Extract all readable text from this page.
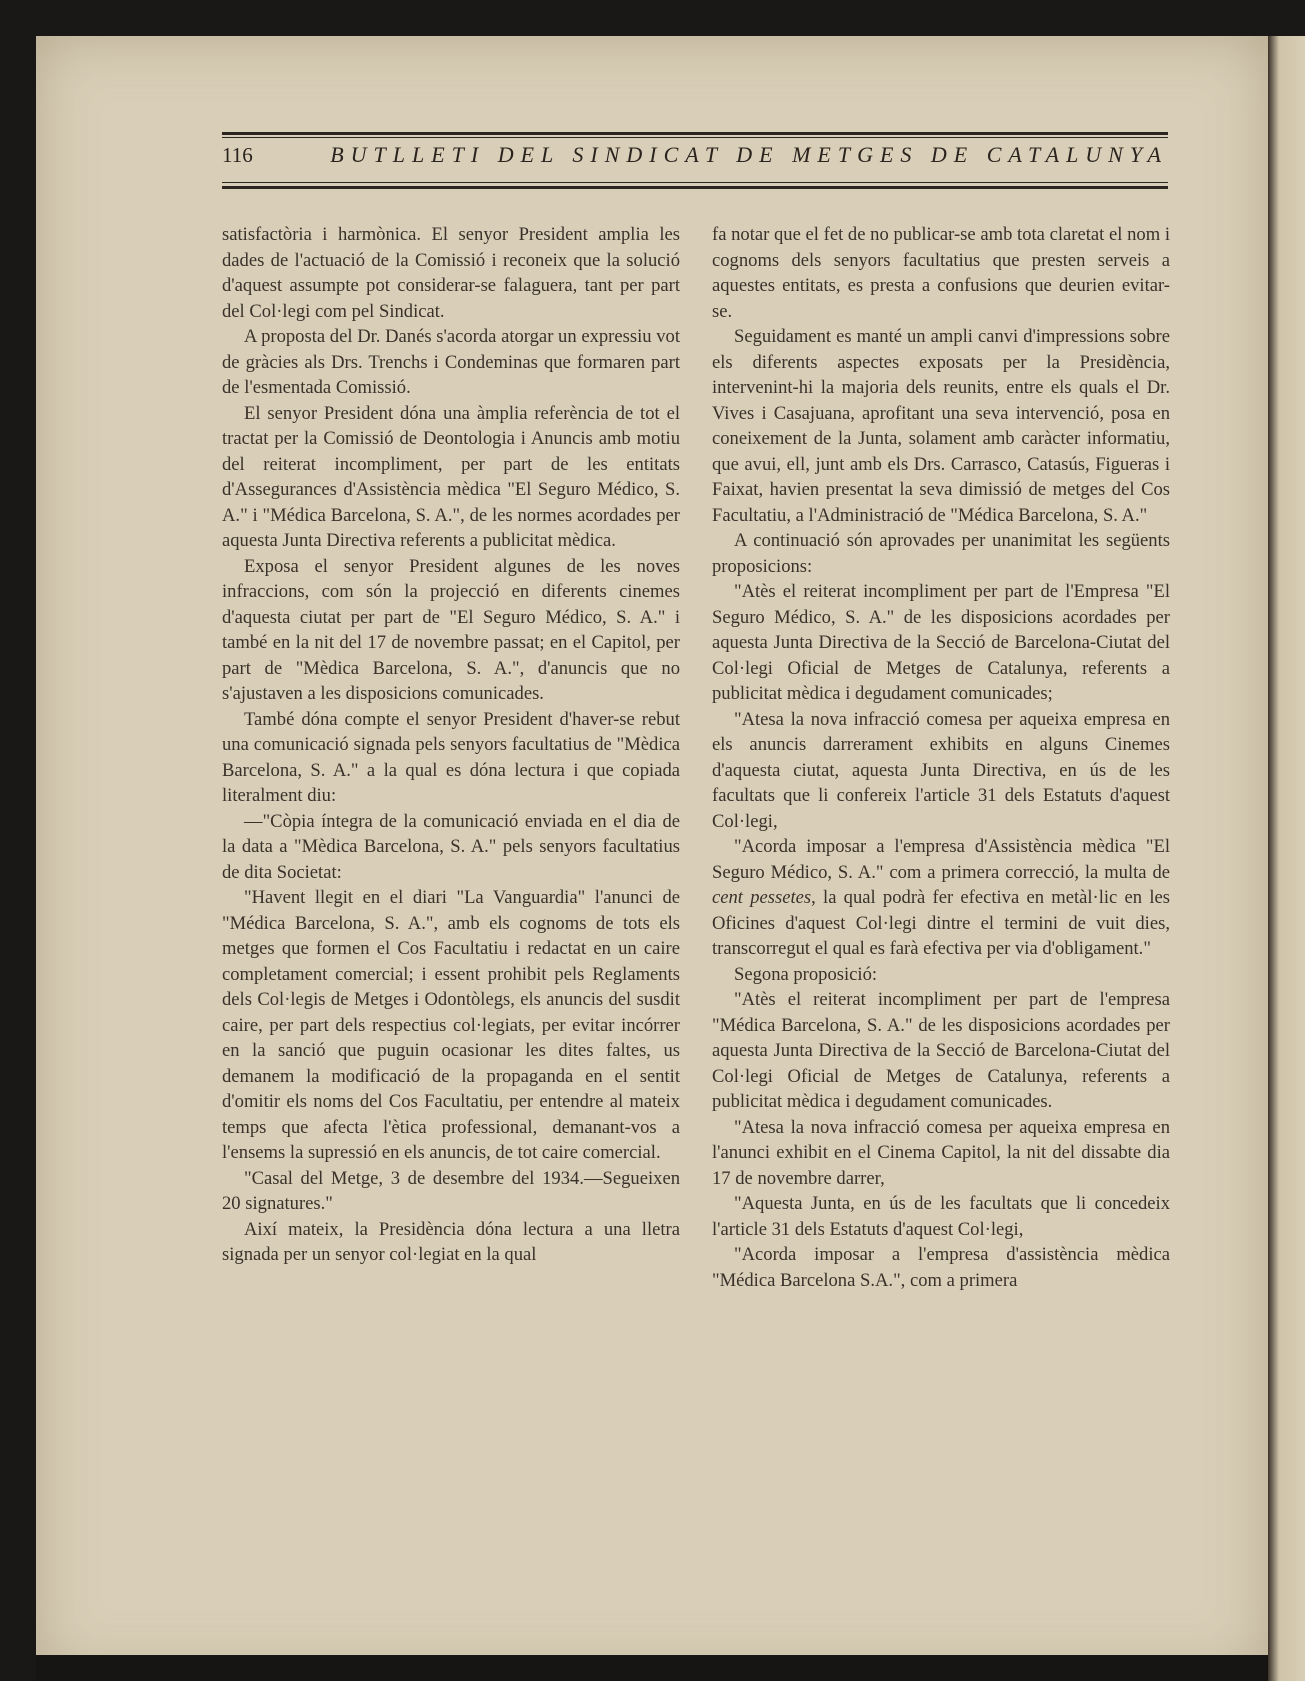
116	BUTLLETI DEL SINDICAT DE METGES DE CATALUNYA

satisfactòria i harmònica. El senyor President amplia les dades de l'actuació de la Comissió i reconeix que la solució d'aquest assumpte pot considerar-se falaguera, tant per part del Col·legi com pel Sindicat.

A proposta del Dr. Danés s'acorda atorgar un expressiu vot de gràcies als Drs. Trenchs i Condeminas que formaren part de l'esmentada Comissió.

El senyor President dóna una àmplia referència de tot el tractat per la Comissió de Deontologia i Anuncis amb motiu del reiterat incompliment, per part de les entitats d'Assegurances d'Assistència mèdica "El Seguro Médico, S. A." i "Médica Barcelona, S. A.", de les normes acordades per aquesta Junta Directiva referents a publicitat mèdica.

Exposa el senyor President algunes de les noves infraccions, com són la projecció en diferents cinemes d'aquesta ciutat per part de "El Seguro Médico, S. A." i també en la nit del 17 de novembre passat; en el Capitol, per part de "Mèdica Barcelona, S. A.", d'anuncis que no s'ajustaven a les disposicions comunicades.

També dóna compte el senyor President d'haver-se rebut una comunicació signada pels senyors facultatius de "Mèdica Barcelona, S. A." a la qual es dóna lectura i que copiada literalment diu:

—"Còpia íntegra de la comunicació enviada en el dia de la data a "Mèdica Barcelona, S. A." pels senyors facultatius de dita Societat:

"Havent llegit en el diari "La Vanguardia" l'anunci de "Médica Barcelona, S. A.", amb els cognoms de tots els metges que formen el Cos Facultatiu i redactat en un caire completament comercial; i essent prohibit pels Reglaments dels Col·legis de Metges i Odontòlegs, els anuncis del susdit caire, per part dels respectius col·legiats, per evitar incórrer en la sanció que puguin ocasionar les dites faltes, us demanem la modificació de la propaganda en el sentit d'omitir els noms del Cos Facultatiu, per entendre al mateix temps que afecta l'ètica professional, demanant-vos a l'ensems la supressió en els anuncis, de tot caire comercial.

"Casal del Metge, 3 de desembre del 1934.—Segueixen 20 signatures."

Així mateix, la Presidència dóna lectura a una lletra signada per un senyor col·legiat en la qual

fa notar que el fet de no publicar-se amb tota claretat el nom i cognoms dels senyors facultatius que presten serveis a aquestes entitats, es presta a confusions que deurien evitar-se.

Seguidament es manté un ampli canvi d'impressions sobre els diferents aspectes exposats per la Presidència, intervenint-hi la majoria dels reunits, entre els quals el Dr. Vives i Casajuana, aprofitant una seva intervenció, posa en coneixement de la Junta, solament amb caràcter informatiu, que avui, ell, junt amb els Drs. Carrasco, Catasús, Figueras i Faixat, havien presentat la seva dimissió de metges del Cos Facultatiu, a l'Administració de "Médica Barcelona, S. A."

A continuació són aprovades per unanimitat les següents proposicions:

"Atès el reiterat incompliment per part de l'Empresa "El Seguro Médico, S. A." de les disposicions acordades per aquesta Junta Directiva de la Secció de Barcelona-Ciutat del Col·legi Oficial de Metges de Catalunya, referents a publicitat mèdica i degudament comunicades;

"Atesa la nova infracció comesa per aqueixa empresa en els anuncis darrerament exhibits en alguns Cinemes d'aquesta ciutat, aquesta Junta Directiva, en ús de les facultats que li confereix l'article 31 dels Estatuts d'aquest Col·legi,

"Acorda imposar a l'empresa d'Assistència mèdica "El Seguro Médico, S. A." com a primera correcció, la multa de cent pessetes, la qual podrà fer efectiva en metàl·lic en les Oficines d'aquest Col·legi dintre el termini de vuit dies, transcorregut el qual es farà efectiva per via d'obligament."

Segona proposició:

"Atès el reiterat incompliment per part de l'empresa "Médica Barcelona, S. A." de les disposicions acordades per aquesta Junta Directiva de la Secció de Barcelona-Ciutat del Col·legi Oficial de Metges de Catalunya, referents a publicitat mèdica i degudament comunicades.

"Atesa la nova infracció comesa per aqueixa empresa en l'anunci exhibit en el Cinema Capitol, la nit del dissabte dia 17 de novembre darrer,

"Aquesta Junta, en ús de les facultats que li concedeix l'article 31 dels Estatuts d'aquest Col·legi,

"Acorda imposar a l'empresa d'assistència mèdica "Médica Barcelona S.A.", com a primera
